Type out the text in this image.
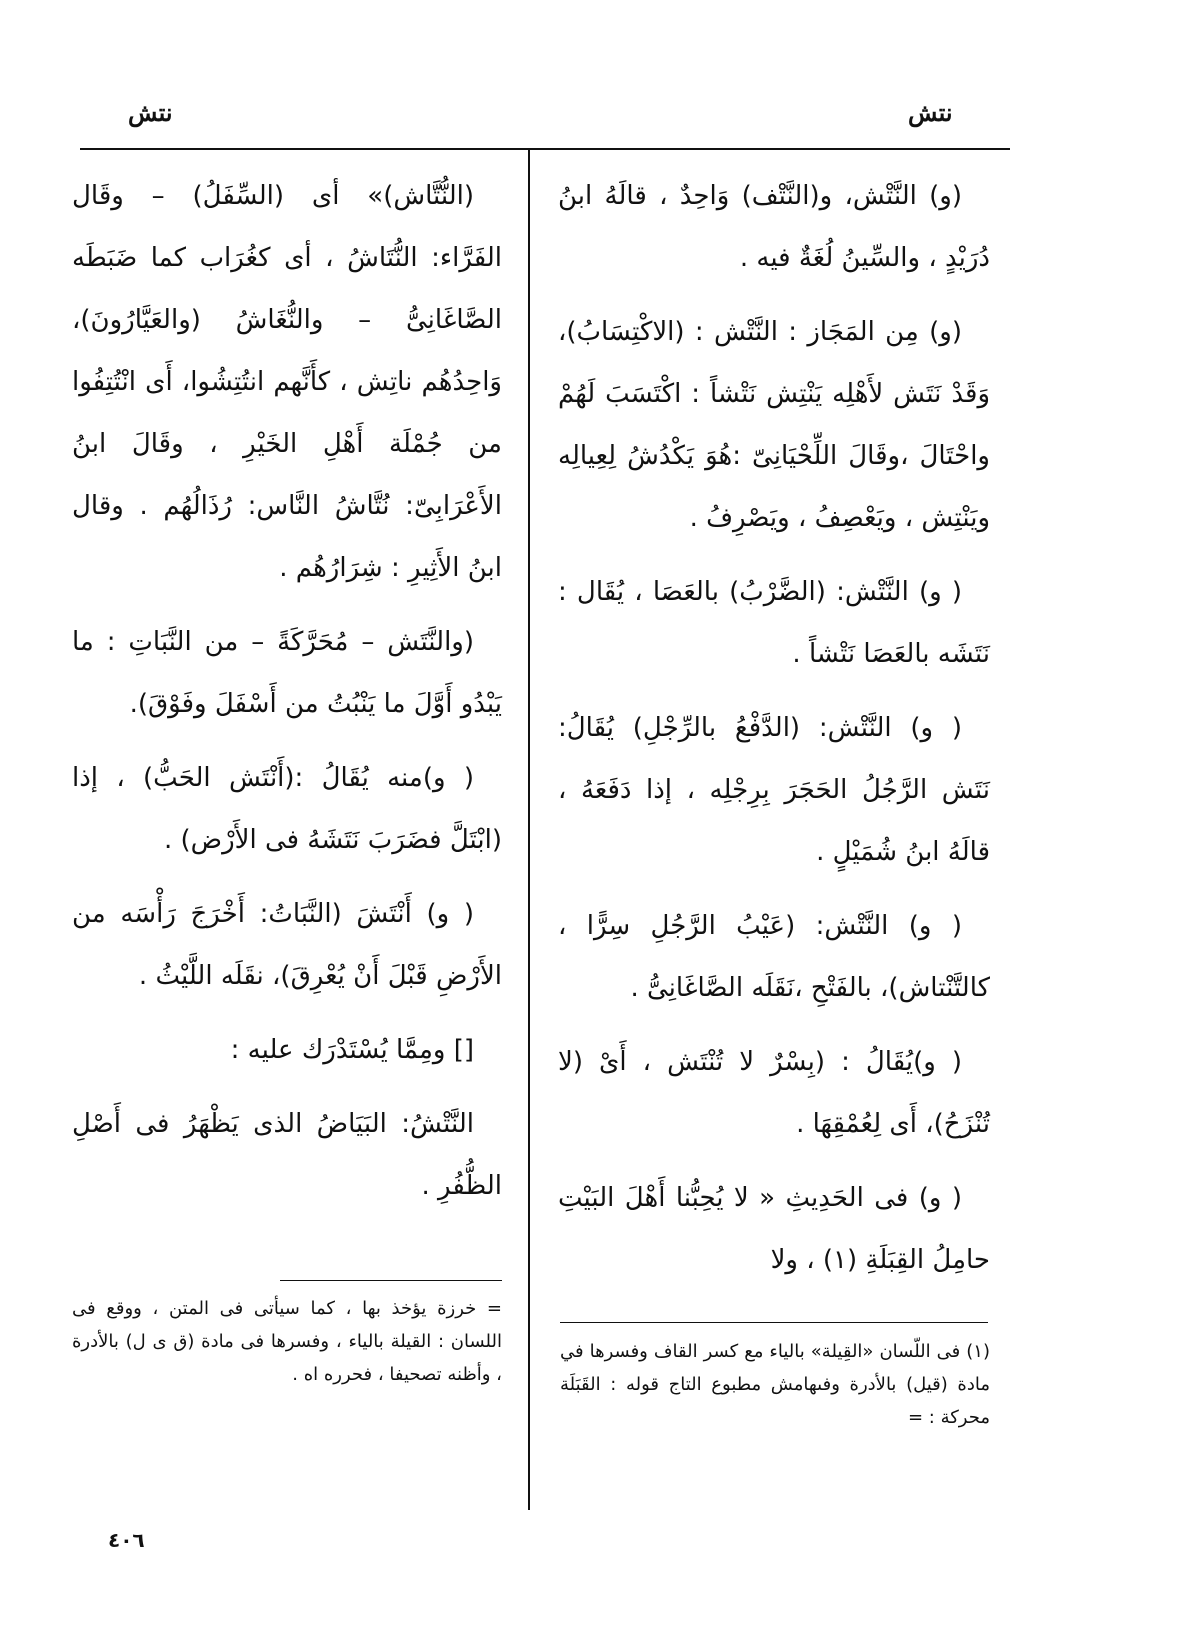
نتش
نتش

(و) النَّتْش، و(النَّتْف) وَاحِدٌ ، قالَهُ ابنُ دُرَيْدٍ ، والسِّينُ لُغَةٌ فيه .

(و) مِن المَجَاز : النَّتْش : (الاكْتِسَابُ)، وَقَدْ نَتَش لأَهْلِه يَنْتِش نَتْشاً : اكْتَسَبَ لَهُمْ واحْتَالَ ،وقَالَ اللِّحْيَانِىّ :هُوَ يَكْدُشُ لِعِيالِه ويَنْتِش ، ويَعْصِفُ ، ويَصْرِفُ .

( و) النَّتْش: (الضَّرْبُ) بالعَصَا ، يُقَال : نَتَشَه بالعَصَا نَتْشاً .

( و) النَّتْش: (الدَّفْعُ بالرِّجْلِ) يُقَالُ: نَتَش الرَّجُلُ الحَجَرَ بِرِجْلِه ، إذا دَفَعَهُ ، قالَهُ ابنُ شُمَيْلٍ .

( و) النَّتْش: (عَيْبُ الرَّجُلِ سِرًّا ، كالتَّنْتاش)، بالفَتْحِ ،نَقَلَه الصَّاغَانِىُّ .

( و)يُقَالُ : (بِسْرٌ لا تُنْتَش ، أَىْ (لا تُنْزَحُ)، أَى لِعُمْقِهَا .

( و) فى الحَدِيثِ « لا يُحِبُّنا أَهْلَ البَيْتِ حامِلُ القِبَلَةِ (١) ، ولا

(النُّتَّاش)» أى (السِّفَلُ) – وقَال الفَرَّاء: النُّتَاشُ ، أى كغُرَاب كما ضَبَطَه الصَّاغَانِىُّ – والنُّغَاشُ (والعَيَّارُونَ)، وَاحِدُهُم ناتِش ، كأَنَّهم انتُتِشُوا، أَى انْتُتِفُوا من جُمْلَة أَهْلِ الخَيْرِ ، وقَالَ ابنُ الأَعْرَابِىّ: نُتَّاشُ النَّاس: رُذَالُهُم . وقال ابنُ الأَثِيرِ : شِرَارُهُم .

(والنَّتَش – مُحَرَّكَةً – من النَّبَاتِ : ما يَبْدُو أَوَّلَ ما يَنْبُتُ من أَسْفَلَ وفَوْقَ).

( و)منه يُقَالُ :(أَنْتَش الحَبُّ) ، إذا (ابْتَلَّ فضَرَبَ نَتَشَهُ فى الأَرْض) .

( و) أَنْتَشَ (النَّبَاتُ: أَخْرَجَ رَأْسَه من الأَرْضِ قَبْلَ أَنْ يُعْرِقَ)، نقَلَه اللَّيْثُ .

[] ومِمَّا يُسْتَدْرَك عليه :

النَّتْشُ: البَيَاضُ الذى يَظْهَرُ فى أَصْلِ الظُّفُرِ .

(١) فى اللّسان «القِيلة» بالياء مع كسر القاف وفسرها في مادة (قيل) بالأدرة وفىهامش مطبوع التاج قوله : القَبَلَة محركة : =
= خرزة يؤخذ بها ، كما سيأتى فى المتن ، ووقع فى اللسان : القيلة بالياء ، وفسرها فى مادة (ق ى ل) بالأدرة ، وأظنه تصحيفا ، فحرره اه .
٤٠٦
